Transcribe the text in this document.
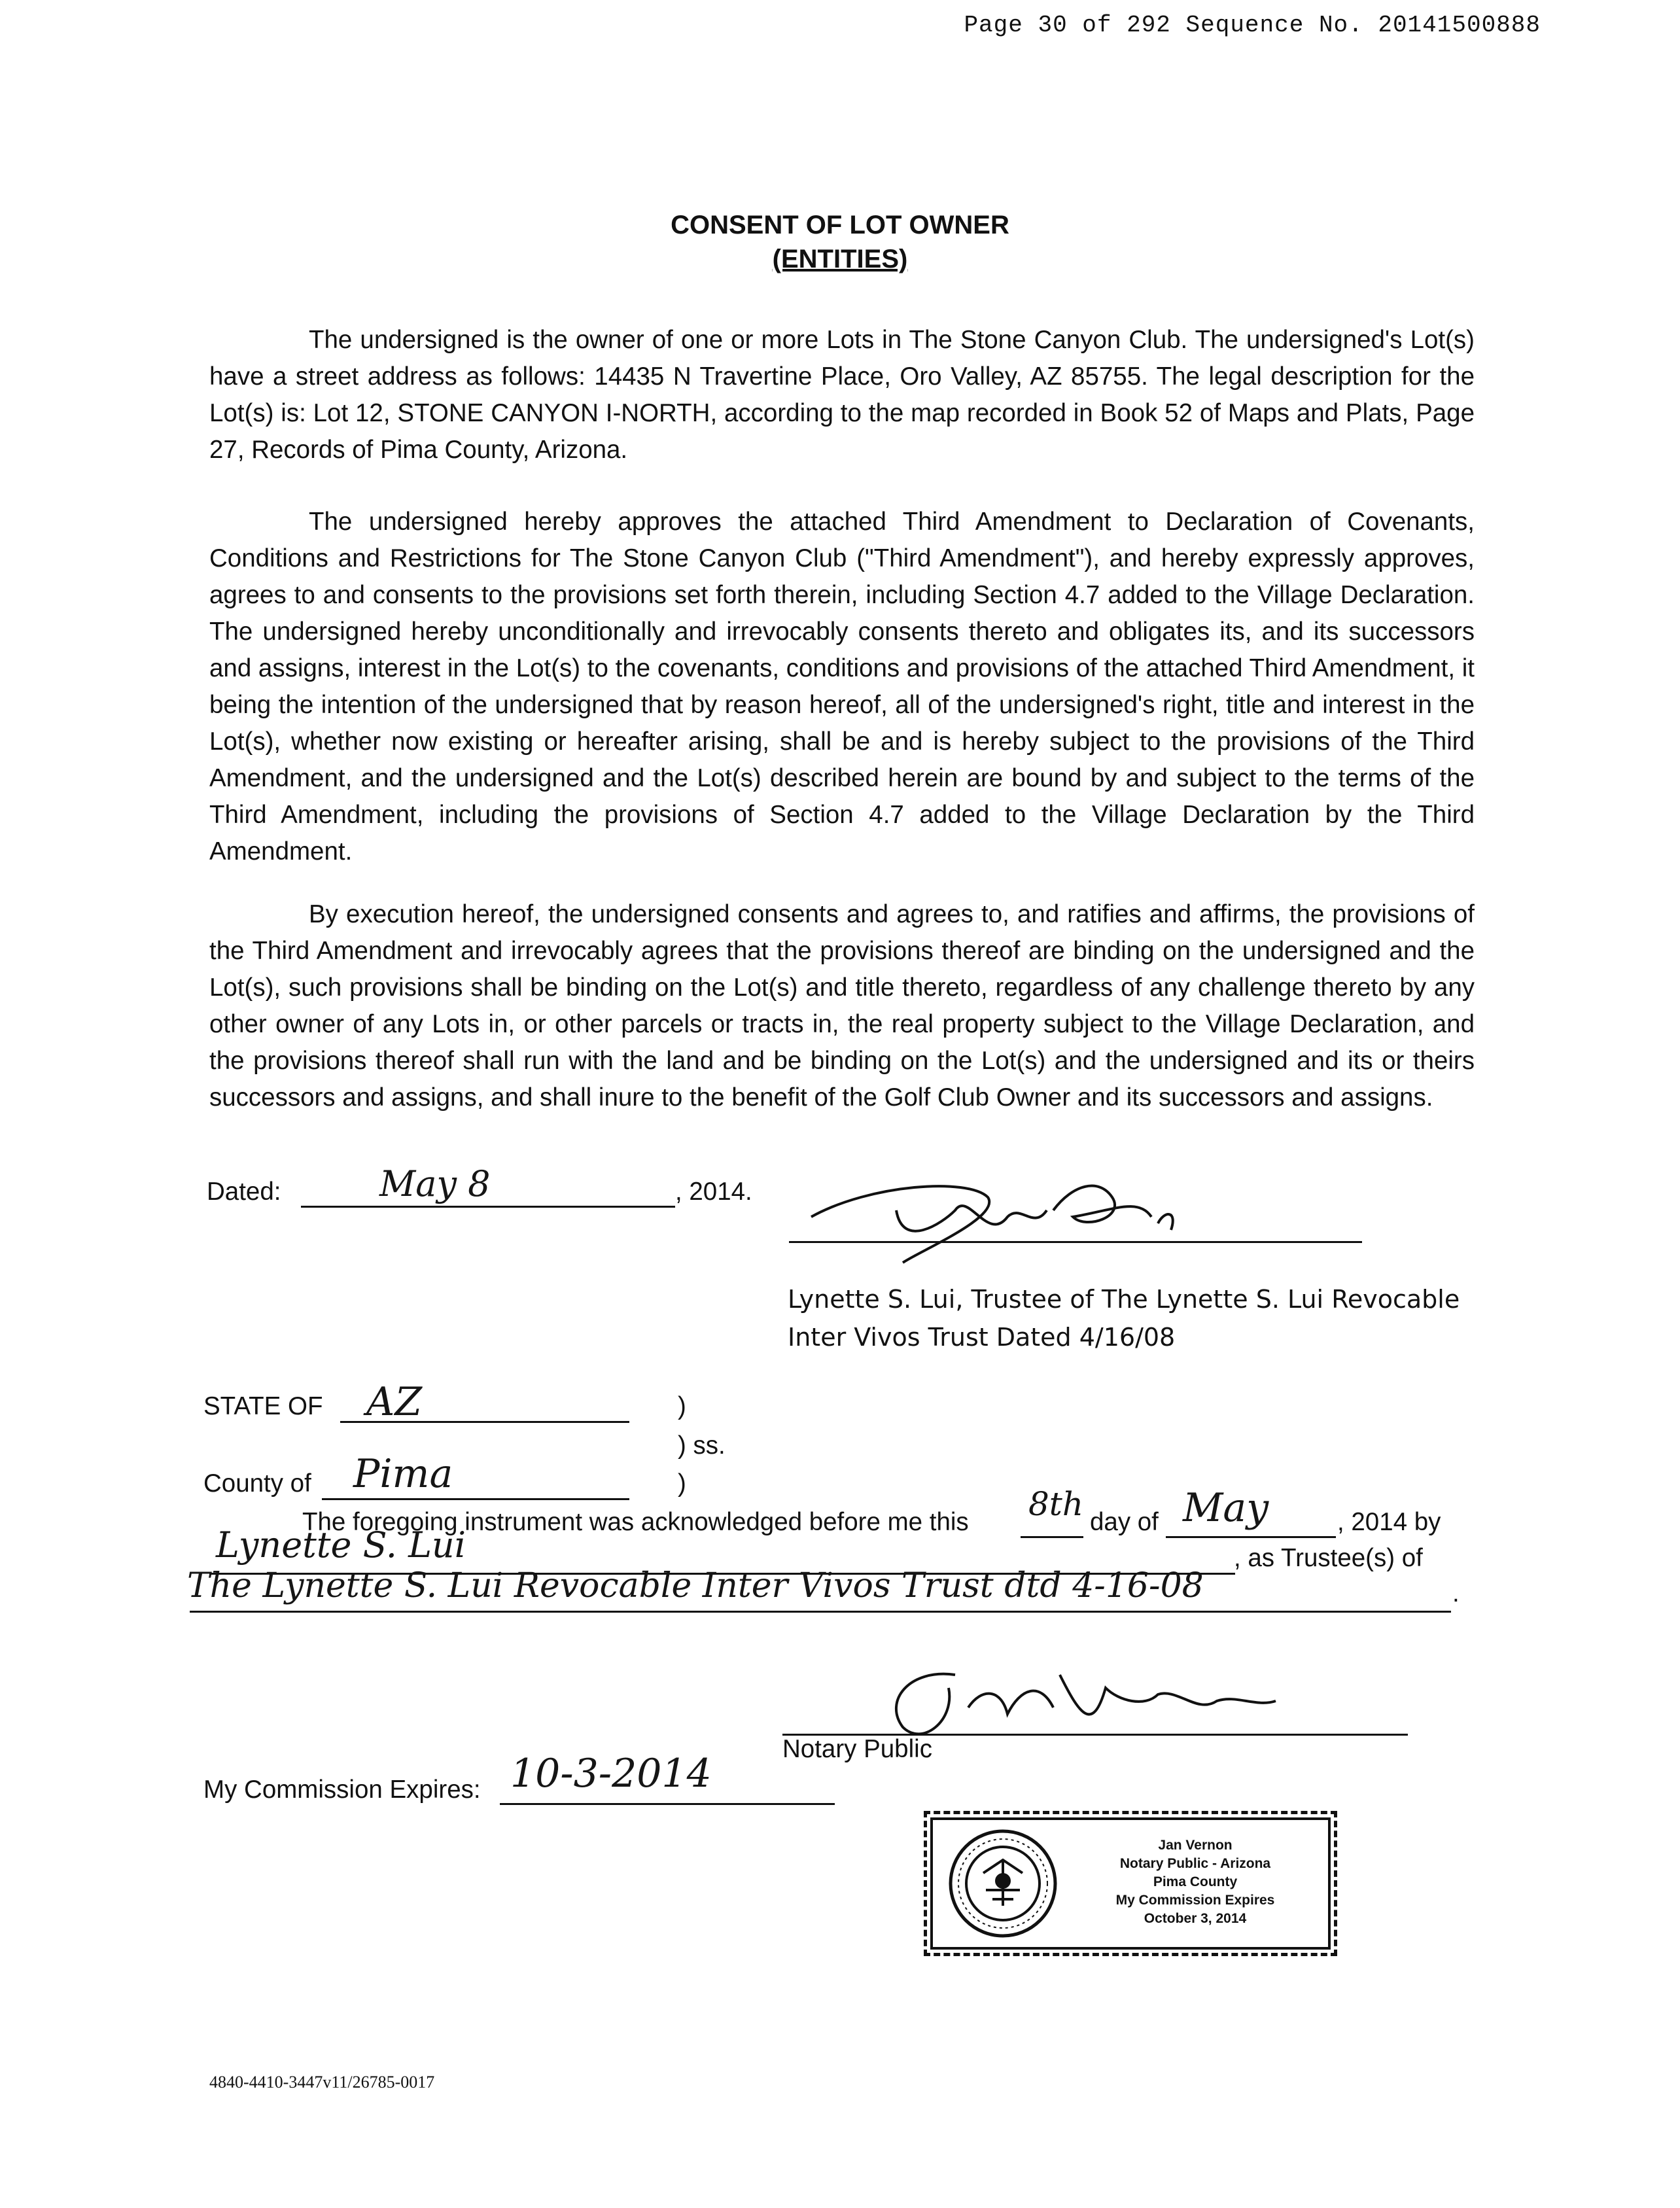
Page 30 of 292 Sequence No. 20141500888
CONSENT OF LOT OWNER
(ENTITIES)

The undersigned is the owner of one or more Lots in The Stone Canyon Club. The undersigned's Lot(s) have a street address as follows: 14435 N Travertine Place, Oro Valley, AZ 85755. The legal description for the Lot(s) is: Lot 12, STONE CANYON I-NORTH, according to the map recorded in Book 52 of Maps and Plats, Page 27, Records of Pima County, Arizona.

The undersigned hereby approves the attached Third Amendment to Declaration of Covenants, Conditions and Restrictions for The Stone Canyon Club ("Third Amendment"), and hereby expressly approves, agrees to and consents to the provisions set forth therein, including Section 4.7 added to the Village Declaration. The undersigned hereby unconditionally and irrevocably consents thereto and obligates its, and its successors and assigns, interest in the Lot(s) to the covenants, conditions and provisions of the attached Third Amendment, it being the intention of the undersigned that by reason hereof, all of the undersigned's right, title and interest in the Lot(s), whether now existing or hereafter arising, shall be and is hereby subject to the provisions of the Third Amendment, and the undersigned and the Lot(s) described herein are bound by and subject to the terms of the Third Amendment, including the provisions of Section 4.7 added to the Village Declaration by the Third Amendment.

By execution hereof, the undersigned consents and agrees to, and ratifies and affirms, the provisions of the Third Amendment and irrevocably agrees that the provisions thereof are binding on the undersigned and the Lot(s), such provisions shall be binding on the Lot(s) and title thereto, regardless of any challenge thereto by any other owner of any Lots in, or other parcels or tracts in, the real property subject to the Village Declaration, and the provisions thereof shall run with the land and be binding on the Lot(s) and the undersigned and its or theirs successors and assigns, and shall inure to the benefit of the Golf Club Owner and its successors and assigns.

Dated:	May 8	, 2014.
Lynette S. Lui, Trustee of The Lynette S. Lui Revocable
Inter Vivos Trust Dated 4/16/08
STATE OF AZ	)
) ss.
County of Pima	)
The foregoing instrument was acknowledged before me this 8th day of May	, 2014 by
Lynette S. Lui	, as Trustee(s) of
The Lynette S. Lui Revocable Inter Vivos Trust dtd 4-16-08	.
Notary Public
My Commission Expires: 10-3-2014
Jan Vernon
Notary Public - Arizona
Pima County
My Commission Expires
October 3, 2014
4840-4410-3447v11/26785-0017
